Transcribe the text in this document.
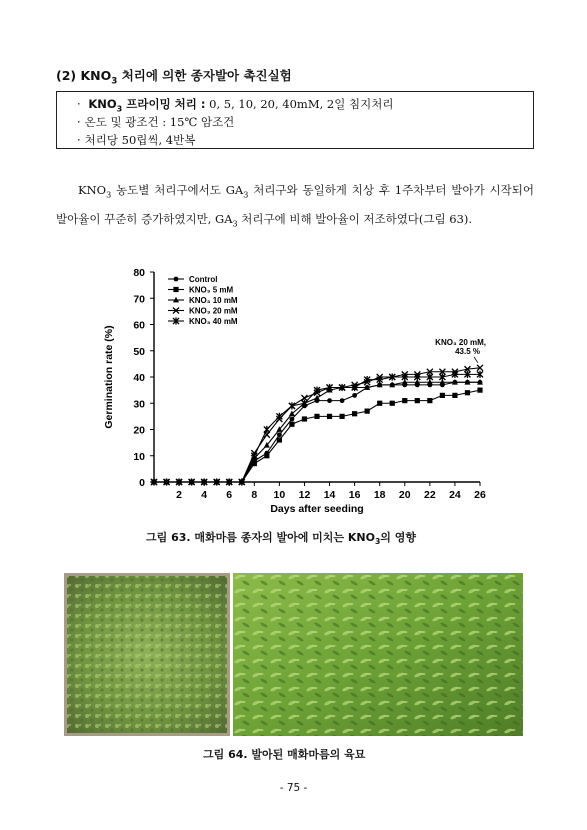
(2) $KNO_3$ 처리에 의한 종자발아 촉진실험
· $KNO_3$ 프라이밍 처리 : 0, 5, 10, 20, 40mM, 2일 침지처리
· 온도 및 광조건 : 15℃ 암조건
· 처리당 50립씩, 4반복
$KNO_3$ 농도별 처리구에서도 $GA_3$ 처리구와 동일하게 치상 후 1주차부터 발아가 시작되어 발아율이 꾸준히 증가하였지만, $GA_3$ 처리구에 비해 발아율이 저조하였다(그림 63).
0
10
20
30
40
50
60
70
80
2 4 6 8 10 12 14 16 18 20 22 24 26
Days after seeding
Germination rate (%)
Control
KNO₃ 5 mM
KNO₃ 10 mM
KNO₃ 20 mM
KNO₃ 40 mM
KNO₃ 20 mM,
43.5 %
그림 63. 매화마름 종자의 발아에 미치는 $KNO_3$의 영향
그림 64. 발아된 매화마름의 육묘
- 75 -
